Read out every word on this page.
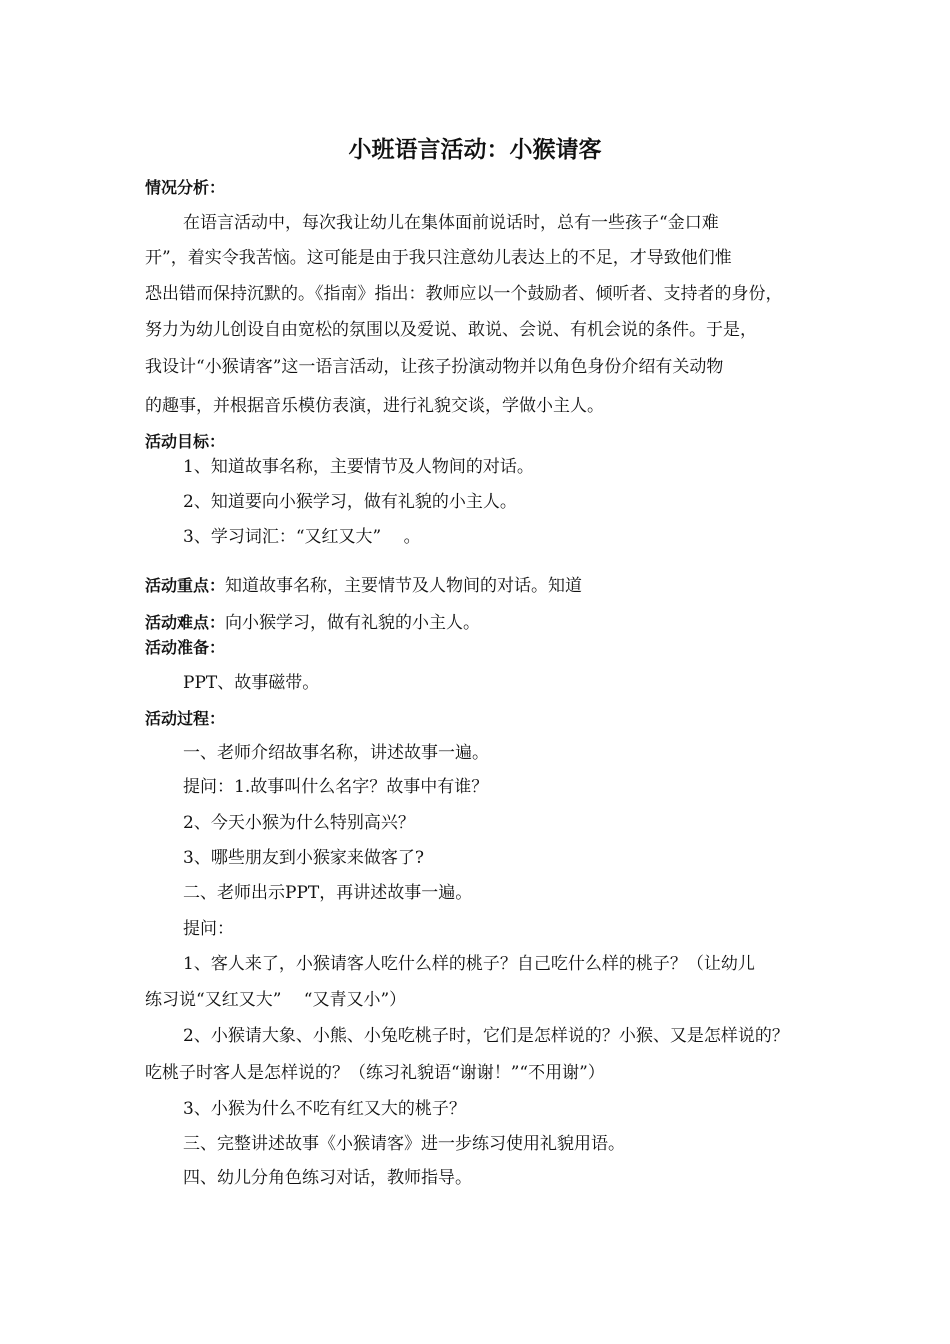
小班语言活动：小猴请客
情况分析：
在语言活动中，每次我让幼儿在集体面前说话时，总有一些孩子“金口难
开”，着实令我苦恼。这可能是由于我只注意幼儿表达上的不足，才导致他们惟
恐出错而保持沉默的。《指南》指出：教师应以一个鼓励者、倾听者、支持者的身份，
努力为幼儿创设自由宽松的氛围以及爱说、敢说、会说、有机会说的条件。于是，
我设计“小猴请客”这一语言活动，让孩子扮演动物并以角色身份介绍有关动物
的趣事，并根据音乐模仿表演，进行礼貌交谈，学做小主人。
活动目标：
1、知道故事名称，主要情节及人物间的对话。
2、知道要向小猴学习，做有礼貌的小主人。
3、学习词汇：“又红又大”　 。
活动重点：知道故事名称，主要情节及人物间的对话。知道
活动难点：向小猴学习，做有礼貌的小主人。
活动准备：
PPT、故事磁带。
活动过程：
一、老师介绍故事名称，讲述故事一遍。
提问：1.故事叫什么名字？故事中有谁？
2、今天小猴为什么特别高兴？
3、哪些朋友到小猴家来做客了?
二、老师出示PPT，再讲述故事一遍。
提问：
1、客人来了，小猴请客人吃什么样的桃子？自己吃什么样的桃子？（让幼儿
练习说“又红又大”　 “又青又小”）
2、小猴请大象、小熊、小兔吃桃子时，它们是怎样说的？小猴、又是怎样说的？
吃桃子时客人是怎样说的？（练习礼貌语“谢谢！”“不用谢”）
3、小猴为什么不吃有红又大的桃子？
三、完整讲述故事《小猴请客》进一步练习使用礼貌用语。
四、幼儿分角色练习对话，教师指导。
